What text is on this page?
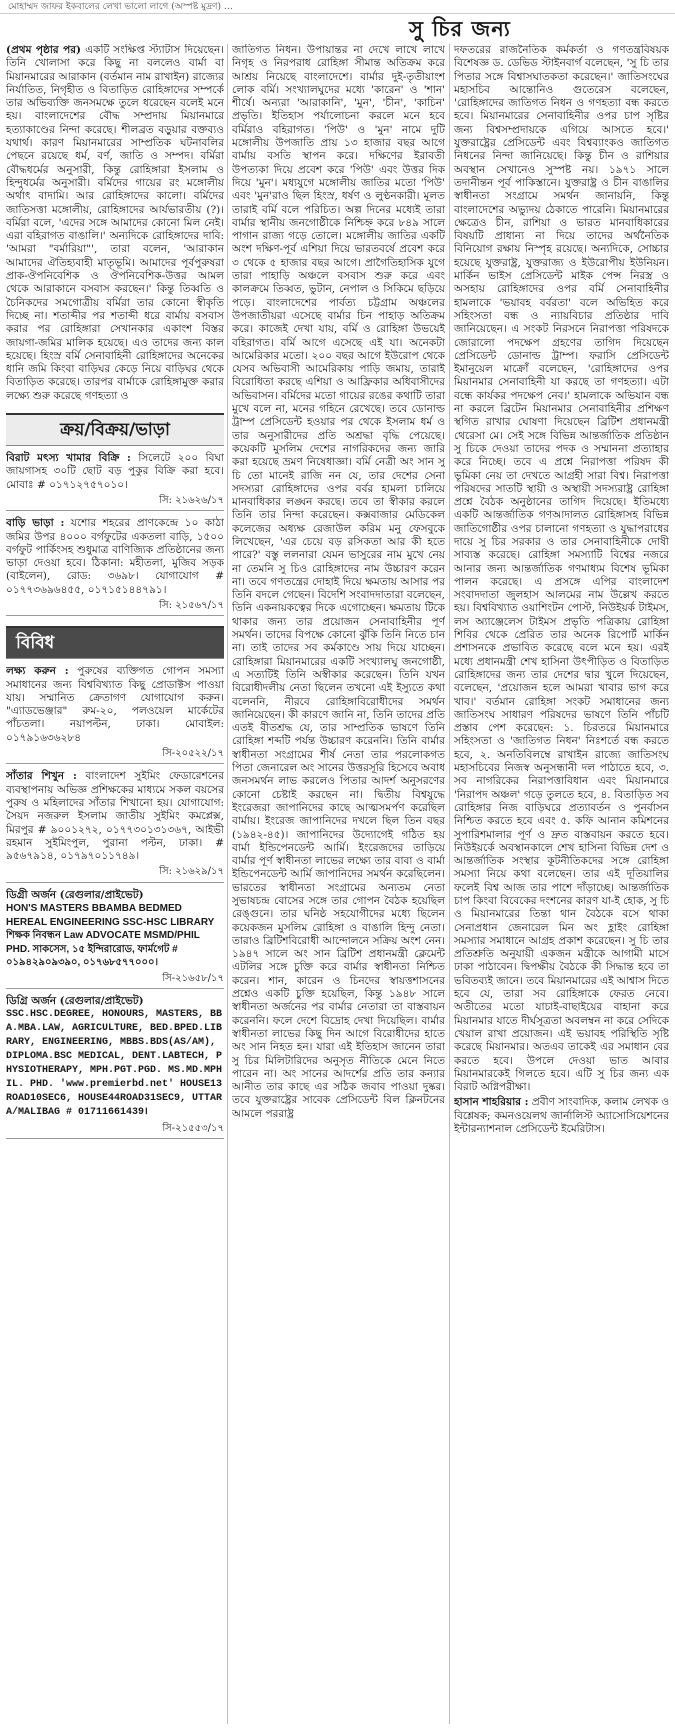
মোহাম্মদ জাফর ইকবালের লেখা ভালো লাগে (অস্পষ্ট মুদ্রণ) …
সু চির জন্য

(প্রথম পৃষ্ঠার পর) একটি সংক্ষিপ্ত স্ট্যাটাস দিয়েছেন। তিনি খোলাসা করে কিছু না বললেও বার্মা বা মিয়ানমারের আরাকান (বর্তমান নাম রাখাইন) রাজ্যের নির্যাতিত, নিগৃহীত ও বিতাড়িত রোহিঙ্গাদের সম্পর্কে তার অভিব্যক্তি জনসমক্ষে তুলে ধরেছেন বলেই মনে হয়। বাংলাদেশের বৌদ্ধ সম্প্রদায় মিয়ানমারে হত্যাকাণ্ডের নিন্দা করেছে। শীলব্রত বড়ুয়ার বক্তব্যও যথার্থ। কারণ মিয়ানমারের সাম্প্রতিক ঘটনাবলির পেছনে রয়েছে ধর্ম, বর্ণ, জাতি ও সম্পদ। বর্মিরা বৌদ্ধধর্মের অনুসারী, কিন্তু রোহিঙ্গারা ইসলাম ও হিন্দুধর্মের অনুসারী। বর্মিদের গায়ের রং মঙ্গোলীয় অর্থাৎ বাদামি। আর রোহিঙ্গাদের কালো। বর্মিদের জাতিসত্তা মঙ্গোলীয়, রোহিঙ্গাদের আর্যভারতীয় (?)। বর্মিরা বলে, 'এদের সঙ্গে আমাদের কোনো মিল নেই। এরা বহিরাগত বাঙালি।' অন্যদিকে রোহিঙ্গাদের দাবি: 'আমরা "বর্মারিয়া"', তারা বলেন, 'আরাকান আমাদের ঐতিহ্যবাহী মাতৃভূমি। আমাদের পূর্বপুরুষরা প্রাক-ঔপনিবেশিক ও ঔপনিবেশিক-উত্তর আমল থেকে আরাকানে বসবাস করছেন।' কিন্তু তিব্বতি ও চৈনিকদের সমগোত্রীয় বর্মিরা তার কোনো স্বীকৃতি দিচ্ছে না। শতাব্দীর পর শতাব্দী ধরে বার্মায় বসবাস করার পর রোহিঙ্গারা সেখানকার একাংশ বিস্তর জায়গা-জমির মালিক হয়েছে। এও তাদের জন্য কাল হয়েছে। হিংস্র বর্মি সেনাবাহিনী রোহিঙ্গাদের অনেকের ধানি জমি কিংবা বাড়িঘর কেড়ে নিয়ে বাড়িঘর থেকে বিতাড়িত করেছে। তারপর বার্মাকে রোহিঙ্গামুক্ত করার লক্ষ্যে শুরু করেছে গণহত্যা ও

ক্রয়/বিক্রয়/ভাড়া
বিরাট মৎস্য খামার বিক্রি : সিলেটে ২০০ বিঘা জায়গাসহ ৩০টি ছোট বড় পুকুর বিক্রি করা হবে। মোবাঃ # ০১৭১২৭৫৭০১০।
সি: ২১৬২৬/১৭
বাড়ি ভাড়া : যশোর শহরের প্রাণকেন্দ্রে ১০ কাঠা জমির উপর ৪০০০ বর্গফুটের একতলা বাড়ি, ১৫০০ বর্গফুট পার্কিংসহ শুধুমাত্র বাণিজ্যিক প্রতিষ্ঠানের জন্য ভাড়া দেওয়া হবে। ঠিকানা: মহীতলা, মুজিব সড়ক (বাইলেন), রোড: ৩৬৯৮। যোগাযোগ # ০১৭৭৩৬৯৬৪৫৫, ০১৭১৫১৪৪৭৯১।
সি: ২১৫৬৭/১৭
বিবিধ
লক্ষ্য করুন : পুরুষের ব্যক্তিগত গোপন সমস্যা সমাধানের জন্য বিশ্ববিখ্যাত কিছু প্রোডাক্টস পাওয়া যায়। সম্মানিত ক্রেতাগণ যোগাযোগ করুন। "এ্যাডভেঞ্জার" রুম-২০, পলওয়েল মার্কেটের পাঁচতলা। নয়াপল্টন, ঢাকা। মোবাইল: ০১৭৯১৬৩৬২৮৪
সি-২০৫২২/১৭
সাঁতার শিখুন : বাংলাদেশ সুইমিং ফেডারেশনের ব্যবস্থাপনায় অভিজ্ঞ প্রশিক্ষকের মাধ্যমে সকল বয়সের পুরুষ ও মহিলাদের সাঁতার শিখানো হয়। যোগাযোগ: সৈয়দ নজরুল ইসলাম জাতীয় সুইমিং কমপ্লেক্স, মিরপুর # ৯০০১২৭২, ০১৭৭৩০১৩১৩৬৭, আইভী রহমান সুইমিংপুল, পুরানা পল্টন, ঢাকা। # ৯৫৬৭৯১৪, ০১৭৯৭০১১৭৪৯।
সি: ২১৬২৯/১৭
ডিগ্রী অর্জন (রেগুলার/প্রাইভেট)
HON'S MASTERS BBAMBA BEDMED HEREAL ENGINEERING SSC-HSC LIBRARY শিক্ষক নিবন্ধন Law ADVOCATE MSMD/PHIL PHD. সাকসেস, ১৫ ইন্দিরারোড, ফার্মগেট # ০১৯৪২৯০৯৩৯০, ০১৭৬৮৫৭৭০০০।
সি-২১৬৫৮/১৭
ডিগ্রি অর্জন (রেগুলার/প্রাইভেট)
SSC.HSC.DEGREE, HONOURS, MASTERS, BBA.MBA.LAW, AGRICULTURE, BED.BPED.LIBRARY, ENGINEERING, MBBS.BDS(AS/AM), DIPLOMA.BSC MEDICAL, DENT.LABTECH, PHYSIOTHERAPY, MPH.PGT.PGD. MS.MD.MPHIL. PHD. 'www.premierbd.net' HOUSE13ROAD10SEC6, HOUSE44ROAD31SEC9, UTTARA/MALIBAG # 01711661439।
সি-২১৫৫৩/১৭

জাতিগত নিধন। উপায়ান্তর না দেখে লাখে লাখে নিগৃহ ও নিরপরাধ রোহিঙ্গা সীমান্ত অতিক্রম করে আশ্রয় নিয়েছে বাংলাদেশে। বার্মার দুই-তৃতীয়াংশ লোক বর্মি। সংখ্যালঘুদের মধ্যে 'কারেন' ও 'শান' শীর্ষে। অন্যরা 'আরাকানি', 'মুন', 'চীন', 'কাচিন' প্রভৃতি। ইতিহাস পর্যালোচনা করলে মনে হবে বর্মিরাও বহিরাগত। 'পিউ' ও 'মুন' নামে দুটি মঙ্গোলীয় উপজাতি প্রায় ১৩ হাজার বছর আগে বার্মায় বসতি স্থাপন করে। দক্ষিণের ইরাবতী উপত্যকা দিয়ে প্রবেশ করে 'পিউ' এবং উত্তর দিক দিয়ে 'মুন'। মধ্যযুগে মঙ্গোলীয় জাতির মতো 'পিউ' এবং 'মুন'রাও ছিল হিংস্র, ধর্ষণ ও লুণ্ঠনকারী। মূলত তারাই বর্মি বলে পরিচিত। অল্প দিনের মধ্যেই তারা বার্মার স্থানীয় জনগোষ্ঠীকে নিশ্চিহ্ন করে ৮৪৯ সালে পাগান রাজ্য গড়ে তোলে। মঙ্গোলীয় জাতির একটি অংশ দক্ষিণ-পূর্ব এশিয়া দিয়ে ভারতবর্ষে প্রবেশ করে ৩ থেকে ৫ হাজার বছর আগে। প্রাগৈতিহাসিক যুগে তারা পাহাড়ি অঞ্চলে বসবাস শুরু করে এবং কালক্রমে তিব্বত, ভুটান, নেপাল ও সিকিমে ছড়িয়ে পড়ে। বাংলাদেশের পার্বত্য চট্টগ্রাম অঞ্চলের উপজাতীয়রা এসেছে বার্মার চিন পাহাড় অতিক্রম করে। কাজেই দেখা যায়, বর্মি ও রোহিঙ্গা উভয়েই বহিরাগত। বর্মি আগে এসেছে এই যা। অনেকটা আমেরিকার মতো। ২০০ বছর আগে ইউরোপ থেকে যেসব অভিবাসী আমেরিকায় পাড়ি জমায়, তারাই বিরোধিতা করছে এশিয়া ও আফ্রিকার অধিবাসীদের অভিবাসন। বর্মিদের মতো গায়ের রঙের কথাটি তারা মুখে বলে না, মনের গহিনে রেখেছে। তবে ডোনাল্ড ট্রাম্প প্রেসিডেন্ট হওয়ার পর থেকে ইসলাম ধর্ম ও তার অনুসারীদের প্রতি অশ্রদ্ধা বৃদ্ধি পেয়েছে। কয়েকটি মুসলিম দেশের নাগরিকদের জন্য জারি করা হয়েছে ভ্রমণ নিষেধাজ্ঞা। বর্মি নেত্রী অং সান সু চি তো মানেই রাজি নন যে, তার দেশের সেনা সদস্যরা রোহিঙ্গাদের ওপর বর্বর হামলা চালিয়ে মানবাধিকার লঙ্ঘন করছে। তবে তা স্বীকার করলে তিনি তার নিন্দা করেছেন। কক্সবাজার মেডিকেল কলেজের অধ্যক্ষ রেজাউল করিম মনু ফেসবুকে লিখেছেন, 'এর চেয়ে বড় রসিকতা আর কী হতে পারে?' বস্তু ললনারা যেমন ভাসুরের নাম মুখে নেয় না তেমনি সু চিও রোহিঙ্গাদের নাম উচ্চারণ করেন না। তবে গণতন্ত্রের দোহাই দিয়ে ক্ষমতায় আসার পর তিনি বদলে গেছেন। বিদেশি সংবাদদাতারা বলেছেন, তিনি একনায়কত্বের দিকে এগোচ্ছেন। ক্ষমতায় টিকে থাকার জন্য তার প্রয়োজন সেনাবাহিনীর পূর্ণ সমর্থন। তাদের বিপক্ষে কোনো ঝুঁকি তিনি নিতে চান না। তাই তাদের সব কর্মকাণ্ডে সায় দিয়ে যাচ্ছেন। রোহিঙ্গারা মিয়ানমারের একটি সংখ্যালঘু জনগোষ্ঠী, এ সত্যটিই তিনি অস্বীকার করেছেন। তিনি যখন বিরোধীদলীয় নেতা ছিলেন তখনো এই ইস্যুতে কথা বলেননি, নীরবে রোহিঙ্গাবিরোধীদের সমর্থন জানিয়েছেন। কী কারণে জানি না, তিনি তাদের প্রতি এতই বীতশ্রদ্ধ যে, তার সাম্প্রতিক ভাষণে তিনি রোহিঙ্গা শব্দটি পর্যন্ত উচ্চারণ করেননি। তিনি বার্মার স্বাধীনতা সংগ্রামের শীর্ষ নেতা তার পরলোকগত পিতা জেনারেল অং সানের উত্তরসূরি হিসেবে অবাধ জনসমর্থন লাভ করলেও পিতার আদর্শ অনুসরণের কোনো চেষ্টাই করছেন না। দ্বিতীয় বিশ্বযুদ্ধে ইংরেজরা জাপানিদের কাছে আত্মসমর্পণ করেছিল বার্মায়। ইংরেজ জাপানিদের দখলে ছিল তিন বছর (১৯৪২-৪৫)। জাপানিদের উদ্যোগেই গঠিত হয় বার্মা ইন্ডিপেনডেন্ট আর্মি। ইংরেজদের তাড়িয়ে বার্মার পূর্ণ স্বাধীনতা লাভের লক্ষ্যে তার বাবা ও বার্মা ইন্ডিপেনডেন্ট আর্মি জাপানিদের সমর্থন করেছিলেন। ভারতের স্বাধীনতা সংগ্রামের অন্যতম নেতা সুভাষচন্দ্র বোসের সঙ্গে তার গোপন বৈঠক হয়েছিল রেঙ্গুনে। তার ঘনিষ্ঠ সহযোগীদের মধ্যে ছিলেন কয়েকজন মুসলিম রোহিঙ্গা ও বাঙালি হিন্দু নেতা। তারাও ব্রিটিশবিরোধী আন্দোলনে সক্রিয় অংশ নেন। ১৯৪৭ সালে অং সান ব্রিটিশ প্রধানমন্ত্রী ক্লেমেন্ট এটলির সঙ্গে চুক্তি করে বার্মার স্বাধীনতা নিশ্চিত করেন। শান, কারেন ও চিনদের স্বায়ত্তশাসনের প্রশ্নেও একটি চুক্তি হয়েছিল, কিন্তু ১৯৪৮ সালে স্বাধীনতা অর্জনের পর বার্মার নেতারা তা বাস্তবায়ন করেননি। ফলে দেশে বিদ্রোহ দেখা দিয়েছিল। বার্মার স্বাধীনতা লাভের কিছু দিন আগে বিরোধীদের হাতে অং সান নিহত হন। যারা এই ইতিহাস জানেন তারা সু চির মিলিটারিদের অনুসৃত নীতিকে মেনে নিতে পারেন না। অং সানের আদর্শের প্রতি তার কন্যার আনীত তার কাছে এর সঠিক জবাব পাওয়া দুষ্কর। তবে যুক্তরাষ্ট্রের সাবেক প্রেসিডেন্ট বিল ক্লিনটনের আমলে পররাষ্ট্র

দফতরের রাজনৈতিক কর্মকর্তা ও গণতন্ত্রবিষয়ক বিশেষজ্ঞ ড. ডেভিড স্টাইনবার্গ বলেছেন, 'সু চি তার পিতার সঙ্গে বিশ্বাসঘাতকতা করেছেন।' জাতিসংঘের মহাসচিব আন্তোনিও গুতেরেস বলেছেন, 'রোহিঙ্গাদের জাতিগত নিধন ও গণহত্যা বন্ধ করতে হবে। মিয়ানমারের সেনাবাহিনীর ওপর চাপ সৃষ্টির জন্য বিশ্বসম্প্রদায়কে এগিয়ে আসতে হবে।' যুক্তরাষ্ট্রের প্রেসিডেন্ট এবং বিশ্বব্যাংকও জাতিগত নিধনের নিন্দা জানিয়েছে। কিন্তু চীন ও রাশিয়ার অবস্থান সেখানেও সুস্পষ্ট নয়। ১৯৭১ সালে তদানীন্তন পূর্ব পাকিস্তানে। যুক্তরাষ্ট্র ও চীন বাঙালির স্বাধীনতা সংগ্রামে সমর্থন জানায়নি, কিন্তু বাংলাদেশের অভ্যুদয় ঠেকাতে পারেনি। মিয়ানমারের ক্ষেত্রেও চীন, রাশিয়া ও ভারত মানবাধিকারের বিষয়টি প্রাধান্য না দিয়ে তাদের অর্থনৈতিক বিনিয়োগ রক্ষায় নিস্পৃহ রয়েছে। অন্যদিকে, সোচ্চার হয়েছে যুক্তরাষ্ট্র, যুক্তরাজ্য ও ইউরোপীয় ইউনিয়ন। মার্কিন ভাইস প্রেসিডেন্ট মাইক পেন্স নিরস্ত্র ও অসহায় রোহিঙ্গাদের ওপর বর্মি সেনাবাহিনীর হামলাকে 'ভয়াবহ বর্বরতা' বলে অভিহিত করে সহিংসতা বন্ধ ও ন্যায়বিচার প্রতিষ্ঠার দাবি জানিয়েছেন। এ সংকট নিরসনে নিরাপত্তা পরিষদকে জোরালো পদক্ষেপ গ্রহণের তাগিদ দিয়েছেন প্রেসিডেন্ট ডোনাল্ড ট্রাম্প। ফরাসি প্রেসিডেন্ট ইমানুয়েল মাক্রোঁ বলেছেন, 'রোহিঙ্গাদের ওপর মিয়ানমার সেনাবাহিনী যা করছে তা গণহত্যা। এটা বন্ধে কার্যকর পদক্ষেপ নেব।' হামলাকে অভিযান বন্ধ না করলে ব্রিটেন মিয়ানমার সেনাবাহিনীর প্রশিক্ষণ স্থগিত রাখার ঘোষণা দিয়েছেন ব্রিটিশ প্রধানমন্ত্রী থেরেসা মে। সেই সঙ্গে বিভিন্ন আন্তর্জাতিক প্রতিষ্ঠান সু চিকে দেওয়া তাদের পদক ও সম্মাননা প্রত্যাহার করে নিচ্ছে। তবে এ প্রশ্নে নিরাপত্তা পরিষদ কী ভূমিকা নেয় তা দেখতে আগ্রহী সারা বিশ্ব। নিরাপত্তা পরিষদের সাতটি স্থায়ী ও অস্থায়ী সদস্যরাষ্ট্র রোহিঙ্গা প্রশ্নে বৈঠক অনুষ্ঠানের তাগিদ দিয়েছে। ইতিমধ্যে একটি আন্তর্জাতিক গণআদালত রোহিঙ্গাসহ বিভিন্ন জাতিগোষ্ঠীর ওপর চালানো গণহত্যা ও যুদ্ধাপরাধের দায়ে সু চির সরকার ও তার সেনাবাহিনীকে দোষী সাব্যস্ত করেছে। রোহিঙ্গা সমস্যাটি বিশ্বের নজরে আনার জন্য আন্তর্জাতিক গণমাধ্যম বিশেষ ভূমিকা পালন করেছে। এ প্রসঙ্গে এপির বাংলাদেশ সংবাদদাতা জুলহাস আলমের নাম উল্লেখ করতে হয়। বিশ্ববিখ্যাত ওয়াশিংটন পোস্ট, নিউইয়র্ক টাইমস, লস অ্যাঞ্জেলেস টাইমস প্রভৃতি পত্রিকায় রোহিঙ্গা শিবির থেকে প্রেরিত তার অনেক রিপোর্ট মার্কিন প্রশাসনকে প্রভাবিত করেছে বলে মনে হয়। এরই মধ্যে প্রধানমন্ত্রী শেখ হাসিনা উৎপীড়িত ও বিতাড়িত রোহিঙ্গাদের জন্য তার দেশের দ্বার খুলে দিয়েছেন, বলেছেন, 'প্রয়োজন হলে আমরা খাবার ভাগ করে খাব।' বর্তমান রোহিঙ্গা সংকট সমাধানের জন্য জাতিসংঘ সাধারণ পরিষদের ভাষণে তিনি পাঁচটি প্রস্তাব পেশ করেছেন: ১. চিরতরে মিয়ানমারে সহিংসতা ও 'জাতিগত নিধন' নিঃশর্তে বন্ধ করতে হবে, ২. অনতিবিলম্বে রাখাইন রাজ্যে জাতিসংঘ মহাসচিবের নিজস্ব অনুসন্ধানী দল পাঠাতে হবে, ৩. সব নাগরিকের নিরাপত্তাবিধান এবং মিয়ানমারে 'নিরাপদ অঞ্চল' গড়ে তুলতে হবে, ৪. বিতাড়িত সব রোহিঙ্গার নিজ বাড়িঘরে প্রত্যাবর্তন ও পুনর্বাসন নিশ্চিত করতে হবে এবং ৫. কফি আনান কমিশনের সুপারিশমালার পূর্ণ ও দ্রুত বাস্তবায়ন করতে হবে। নিউইয়র্কে অবস্থানকালে শেখ হাসিনা বিভিন্ন দেশ ও আন্তর্জাতিক সংস্থার কূটনীতিকদের সঙ্গে রোহিঙ্গা সমস্যা নিয়ে কথা বলেছেন। তার এই দূতিয়ালির ফলেই বিশ্ব আজ তার পাশে দাঁড়াচ্ছে। আন্তর্জাতিক চাপ কিংবা বিবেকের দংশনের কারণ যা-ই হোক, সু চি ও মিয়ানমারের তিন্তা থান বৈঠকে বসে থাকা সেনাপ্রধান জেনারেল মিন অং হ্লাইং রোহিঙ্গা সমস্যার সমাধানে আগ্রহ প্রকাশ করেছেন। সু চি তার প্রতিশ্রুতি অনুযায়ী একজন মন্ত্রীকে আগামী মাসে ঢাকা পাঠাবেন। দ্বিপক্ষীয় বৈঠকে কী সিদ্ধান্ত হবে তা ভবিতব্যই জানে। তবে মিয়ানমারের এই আশ্বাস দিতে হবে যে, তারা সব রোহিঙ্গাকে ফেরত নেবে। অতীতের মতো যাচাই-বাছাইয়ের বাহানা করে মিয়ানমার যাতে দীর্ঘসূত্রতা অবলম্বন না করে সেদিকে খেয়াল রাখা প্রয়োজন। এই ভয়াবহ পরিস্থিতি সৃষ্টি করেছে মিয়ানমার। অতএব তাকেই এর সমাধান বের করতে হবে। উপলে দেওয়া ভাত আবার মিয়ানমারকেই গিলতে হবে। এটি সু চির জন্য এক বিরাট অগ্নিপরীক্ষা।

হাসান শাহরিয়ার : প্রবীণ সাংবাদিক, কলাম লেখক ও বিশ্লেষক; কমনওয়েলথ জার্নালিস্ট অ্যাসোসিয়েশনের ইন্টারন্যাশনাল প্রেসিডেন্ট ইমেরিটাস।
